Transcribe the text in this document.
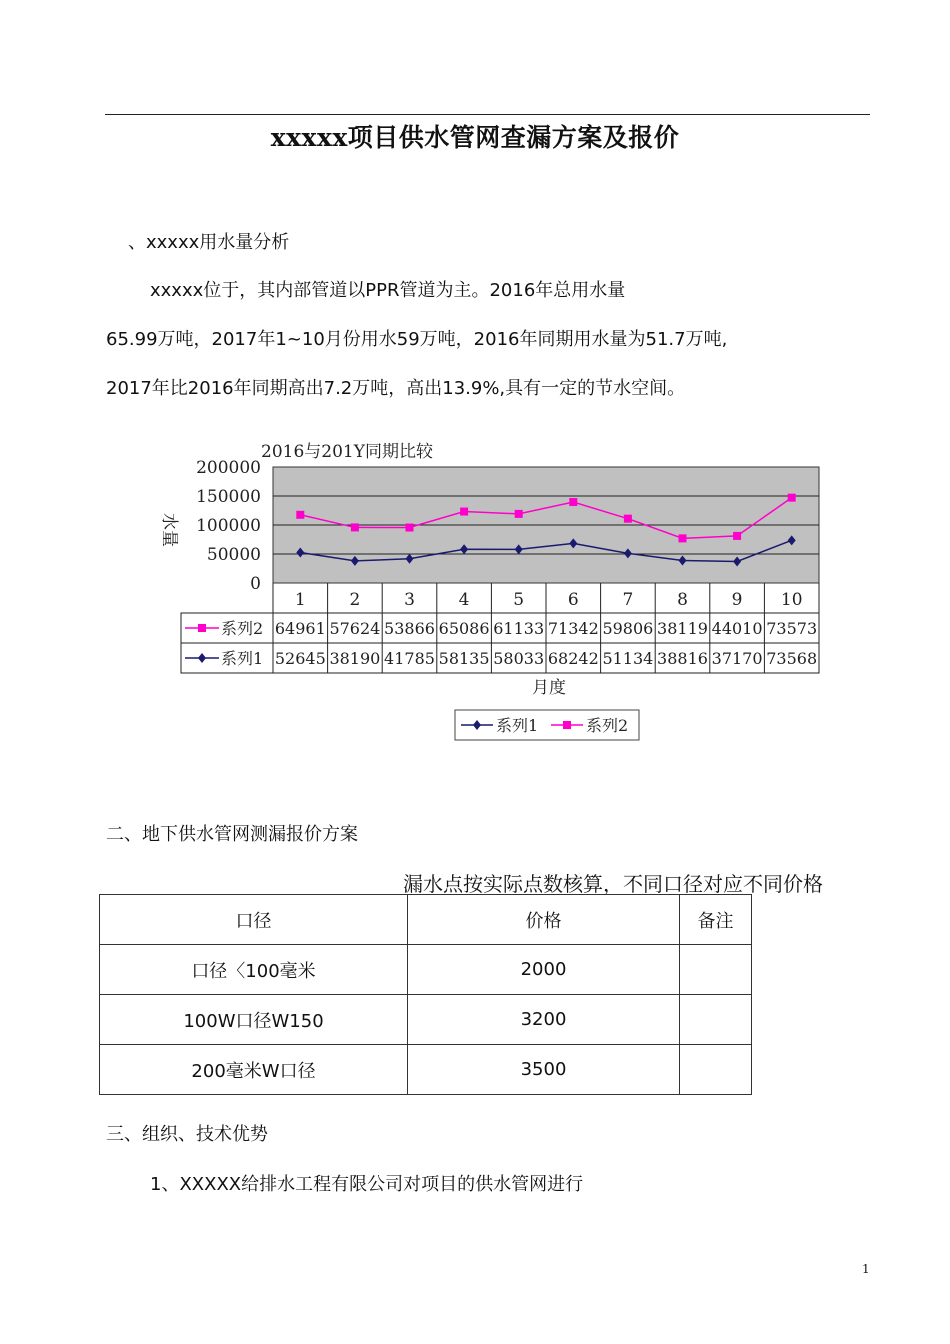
xxxxx项目供水管网查漏方案及报价
、xxxxx用水量分析
xxxxx位于，其内部管道以PPR管道为主。2016年总用水量
65.99万吨，2017年1~10月份用水59万吨，2016年同期用水量为51.7万吨,
2017年比2016年同期高出7.2万吨，高出13.9%,具有一定的节水空间。
2016与201Y同期比较
0
50000
100000
150000
200000
水量
1	2	3	4	5	6	7	8	9 10
系列2 64961 57624 53866 65086 61133 71342 59806 38119 44010 73573
系列1 52645 38190 41785 58135 58033 68242 51134 38816 37170 73568
月度
系列1	系列2
二、地下供水管网测漏报价方案
漏水点按实际点数核算，不同口径对应不同价格
口径	价格	备注
口径〈100毫米	2000	
100W口径W150	3200	
200毫米W口径	3500	
三、组织、技术优势
1、XXXXX给排水工程有限公司对项目的供水管网进行
1
